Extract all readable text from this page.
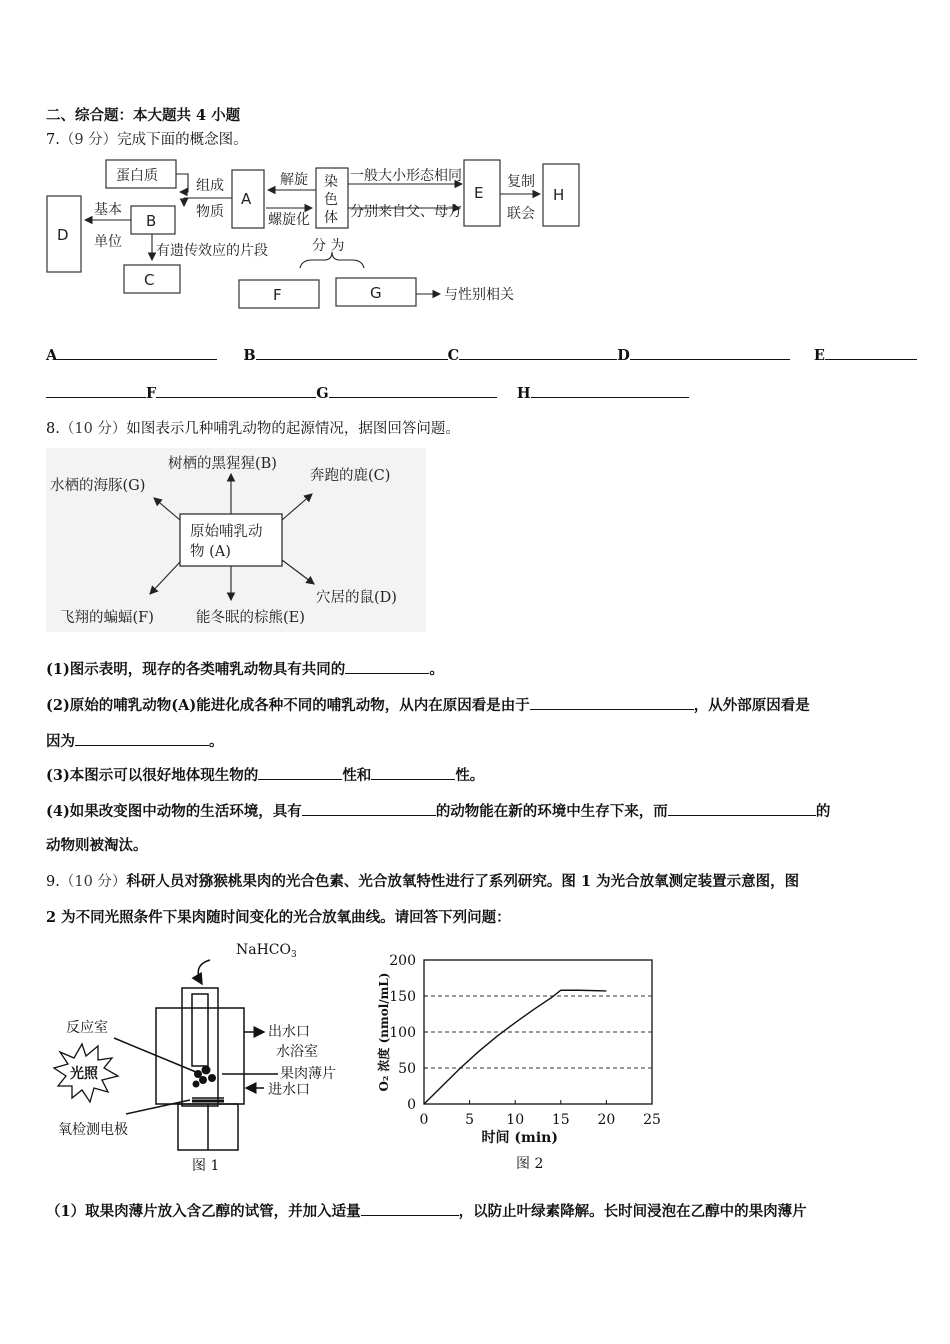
二、综合题：本大题共 4 小题
7.（9 分）完成下面的概念图。
蛋白质
组成
物质
A
解旋
螺旋化
染
色
体
分 为
一般大小形态相同
分别来自父、母方
E
复制
联会
H
D
基本
单位
B
有遗传效应的片段
C
F	G	与性别相关
A	B	C	D	E
F	G	H
8.（10 分）如图表示几种哺乳动物的起源情况，据图回答问题。
原始哺乳动
物 (A)
树栖的黑猩猩(B)
奔跑的鹿(C)
水栖的海豚(G)
穴居的鼠(D)
能冬眠的棕熊(E)
飞翔的蝙蝠(F)
(1)图示表明，现存的各类哺乳动物具有共同的	。
(2)原始的哺乳动物(A)能进化成各种不同的哺乳动物，从内在原因看是由于	，从外部原因看是
因为	。
(3)本图示可以很好地体现生物的	性和	性。
(4)如果改变图中动物的生活环境，具有	的动物能在新的环境中生存下来，而	的
动物则被淘汰。
9.（10 分）科研人员对猕猴桃果肉的光合色素、光合放氧特性进行了系列研究。图 1 为光合放氧测定装置示意图，图
2 为不同光照条件下果肉随时间变化的光合放氧曲线。请回答下列问题：
NaHCO$_3$
反应室
光照
氧检测电极
出水口
水浴室
果肉薄片
进水口
图 1
0
50
100
150
200
0	5 10 15 20 25
时间 (min)
O₂ 浓度 (nmol/mL)
图 2
（1）取果肉薄片放入含乙醇的试管，并加入适量	，以防止叶绿素降解。长时间浸泡在乙醇中的果肉薄片
